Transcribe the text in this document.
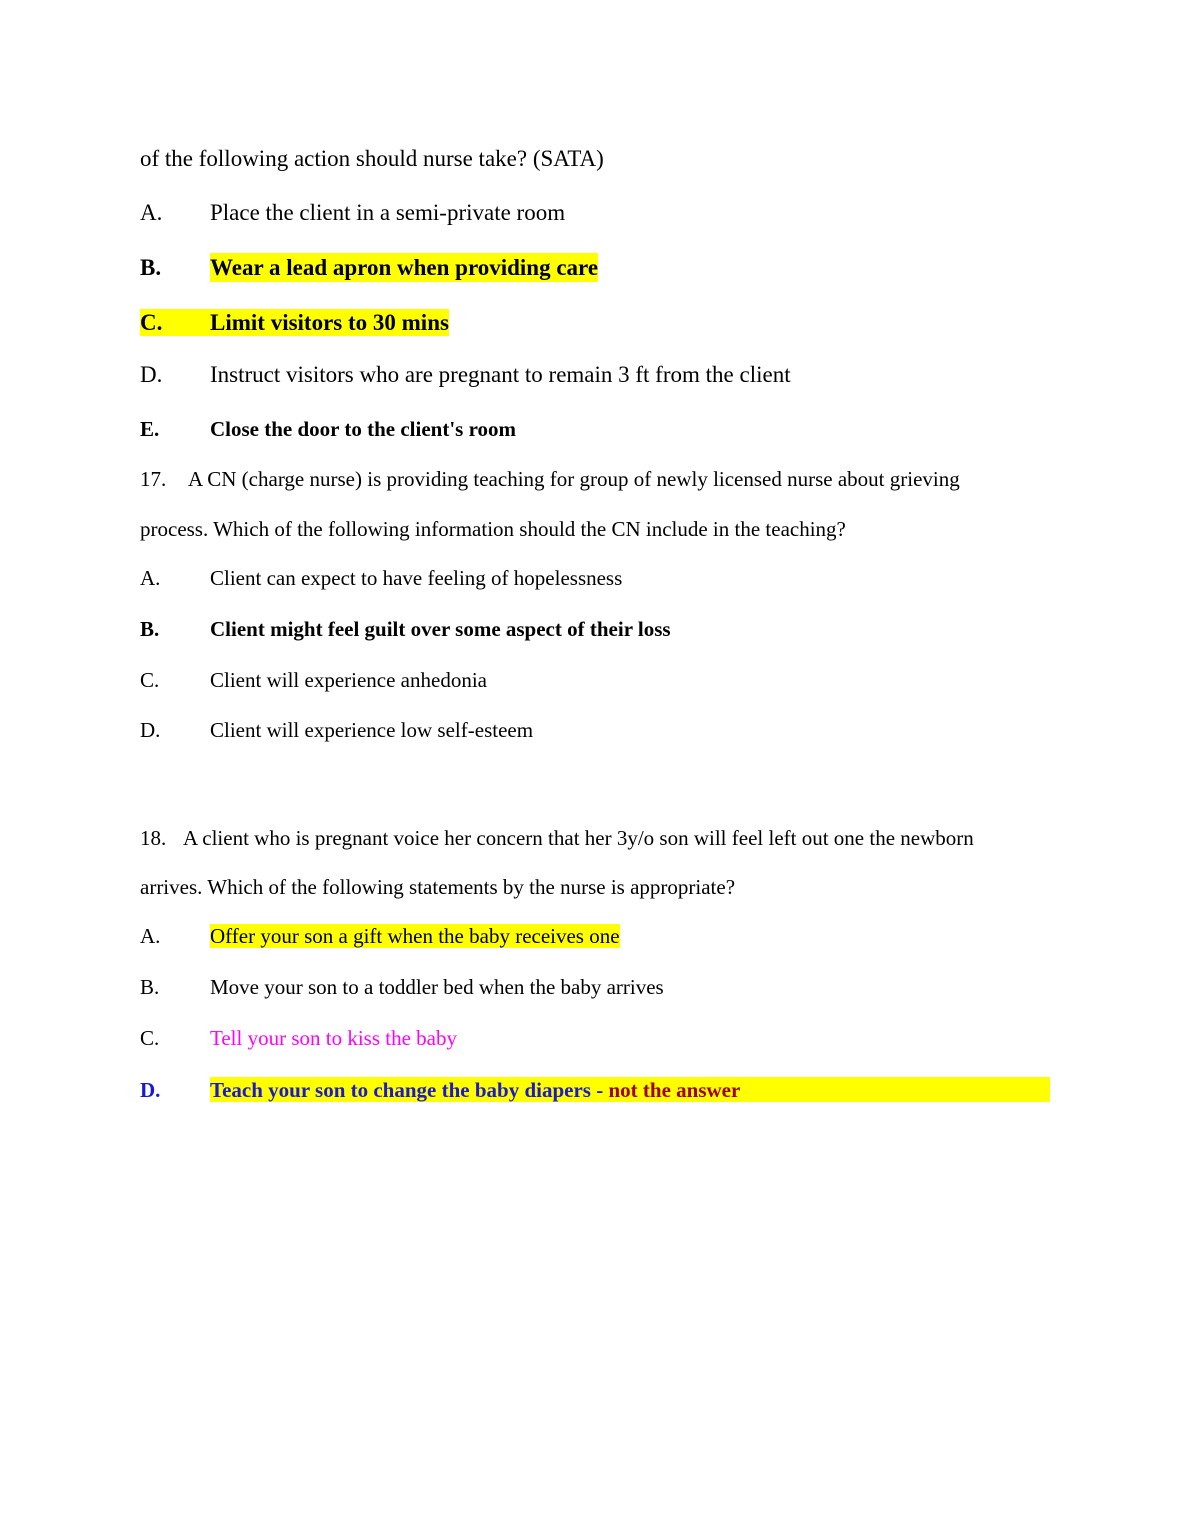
of the following action should nurse take? (SATA)
A. Place the client in a semi-private room
B. Wear a lead apron when providing care
C. Limit visitors to 30 mins
D. Instruct visitors who are pregnant to remain 3 ft from the client
E. Close the door to the client's room
17. A CN (charge nurse) is providing teaching for group of newly licensed nurse about grieving
process. Which of the following information should the CN include in the teaching?
A. Client can expect to have feeling of hopelessness
B. Client might feel guilt over some aspect of their loss
C. Client will experience anhedonia
D. Client will experience low self-esteem
18. A client who is pregnant voice her concern that her 3y/o son will feel left out one the newborn
arrives. Which of the following statements by the nurse is appropriate?
A. Offer your son a gift when the baby receives one
B. Move your son to a toddler bed when the baby arrives
C. Tell your son to kiss the baby
D. Teach your son to change the baby diapers - not the answer
